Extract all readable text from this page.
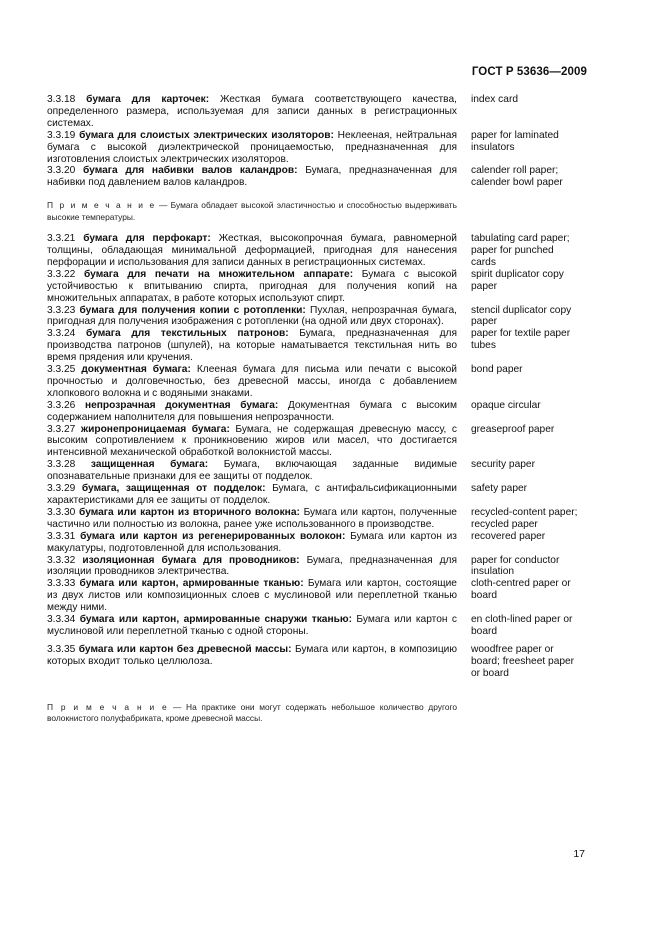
ГОСТ Р 53636—2009
3.3.18 бумага для карточек: Жесткая бумага соответствующего качества, определенного размера, используемая для записи данных в регистрационных системах.
index card
3.3.19 бумага для слоистых электрических изоляторов: Неклееная, нейтральная бумага с высокой диэлектрической проницаемостью, предназначенная для изготовления слоистых электрических изоляторов.
paper for laminated insulators
3.3.20 бумага для набивки валов каландров: Бумага, предназначенная для набивки под давлением валов каландров.
calender roll paper; calender bowl paper
П р и м е ч а н и е — Бумага обладает высокой эластичностью и способностью выдерживать высокие температуры.
3.3.21 бумага для перфокарт: Жесткая, высокопрочная бумага, равномерной толщины, обладающая минимальной деформацией, пригодная для нанесения перфорации и использования для записи данных в регистрационных системах.
tabulating card paper; paper for punched cards
3.3.22 бумага для печати на множительном аппарате: Бумага с высокой устойчивостью к впитыванию спирта, пригодная для получения копий на множительных аппаратах, в работе которых используют спирт.
spirit duplicator copy paper
3.3.23 бумага для получения копии с ротопленки: Пухлая, непрозрачная бумага, пригодная для получения изображения с ротопленки (на одной или двух сторонах).
stencil duplicator copy paper
3.3.24 бумага для текстильных патронов: Бумага, предназначенная для производства патронов (шпулей), на которые наматывается текстильная нить во время прядения или кручения.
paper for textile paper tubes
3.3.25 документная бумага: Клееная бумага для письма или печати с высокой прочностью и долговечностью, без древесной массы, иногда с добавлением хлопкового волокна и с водяными знаками.
bond paper
3.3.26 непрозрачная документная бумага: Документная бумага с высоким содержанием наполнителя для повышения непрозрачности.
opaque circular
3.3.27 жиронепроницаемая бумага: Бумага, не содержащая древесную массу, с высоким сопротивлением к проникновению жиров или масел, что достигается интенсивной механической обработкой волокнистой массы.
greaseproof paper
3.3.28 защищенная бумага: Бумага, включающая заданные видимые опознавательные признаки для ее защиты от подделок.
security paper
3.3.29 бумага, защищенная от подделок: Бумага, с антифальсификационными характеристиками для ее защиты от подделок.
safety paper
3.3.30 бумага или картон из вторичного волокна: Бумага или картон, полученные частично или полностью из волокна, ранее уже использованного в производстве.
recycled-content paper; recycled paper
3.3.31 бумага или картон из регенерированных волокон: Бумага или картон из макулатуры, подготовленной для использования.
recovered paper
3.3.32 изоляционная бумага для проводников: Бумага, предназначенная для изоляции проводников электричества.
paper for conductor insulation
3.3.33 бумага или картон, армированные тканью: Бумага или картон, состоящие из двух листов или композиционных слоев с муслиновой или переплетной тканью между ними.
cloth-centred paper or board
3.3.34 бумага или картон, армированные снаружи тканью: Бумага или картон с муслиновой или переплетной тканью с одной стороны.
en cloth-lined paper or board
3.3.35 бумага или картон без древесной массы: Бумага или картон, в композицию которых входит только целлюлоза.
woodfree paper or board; freesheet paper or board
П р и м е ч а н и е — На практике они могут содержать небольшое количество другого волокнистого полуфабриката, кроме древесной массы.
17
